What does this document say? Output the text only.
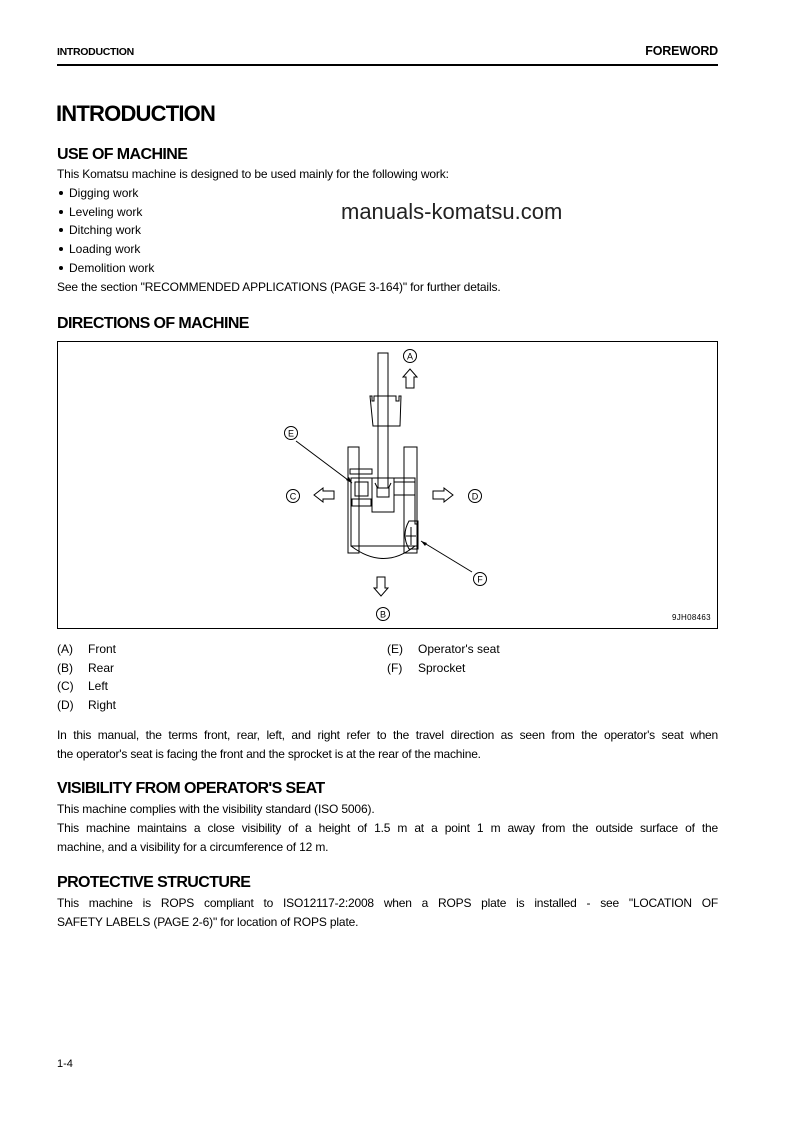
INTRODUCTION	FOREWORD
INTRODUCTION
USE OF MACHINE
This Komatsu machine is designed to be used mainly for the following work:
Digging work
Leveling work
Ditching work
Loading work
Demolition work
See the section "RECOMMENDED APPLICATIONS (PAGE 3-164)" for further details.
manuals-komatsu.com
DIRECTIONS OF MACHINE
A
B
C	D
E
F
9JH08463
(A) Front
(B) Rear
(C) Left
(D) Right
(E) Operator's seat
(F) Sprocket
In this manual, the terms front, rear, left, and right refer to the travel direction as seen from the operator's seat when
the operator's seat is facing the front and the sprocket is at the rear of the machine.
VISIBILITY FROM OPERATOR'S SEAT
This machine complies with the visibility standard (ISO 5006).
This machine maintains a close visibility of a height of 1.5 m at a point 1 m away from the outside surface of the
machine, and a visibility for a circumference of 12 m.
PROTECTIVE STRUCTURE
This machine is ROPS compliant to ISO12117-2:2008 when a ROPS plate is installed - see "LOCATION OF
SAFETY LABELS (PAGE 2-6)" for location of ROPS plate.
1-4
